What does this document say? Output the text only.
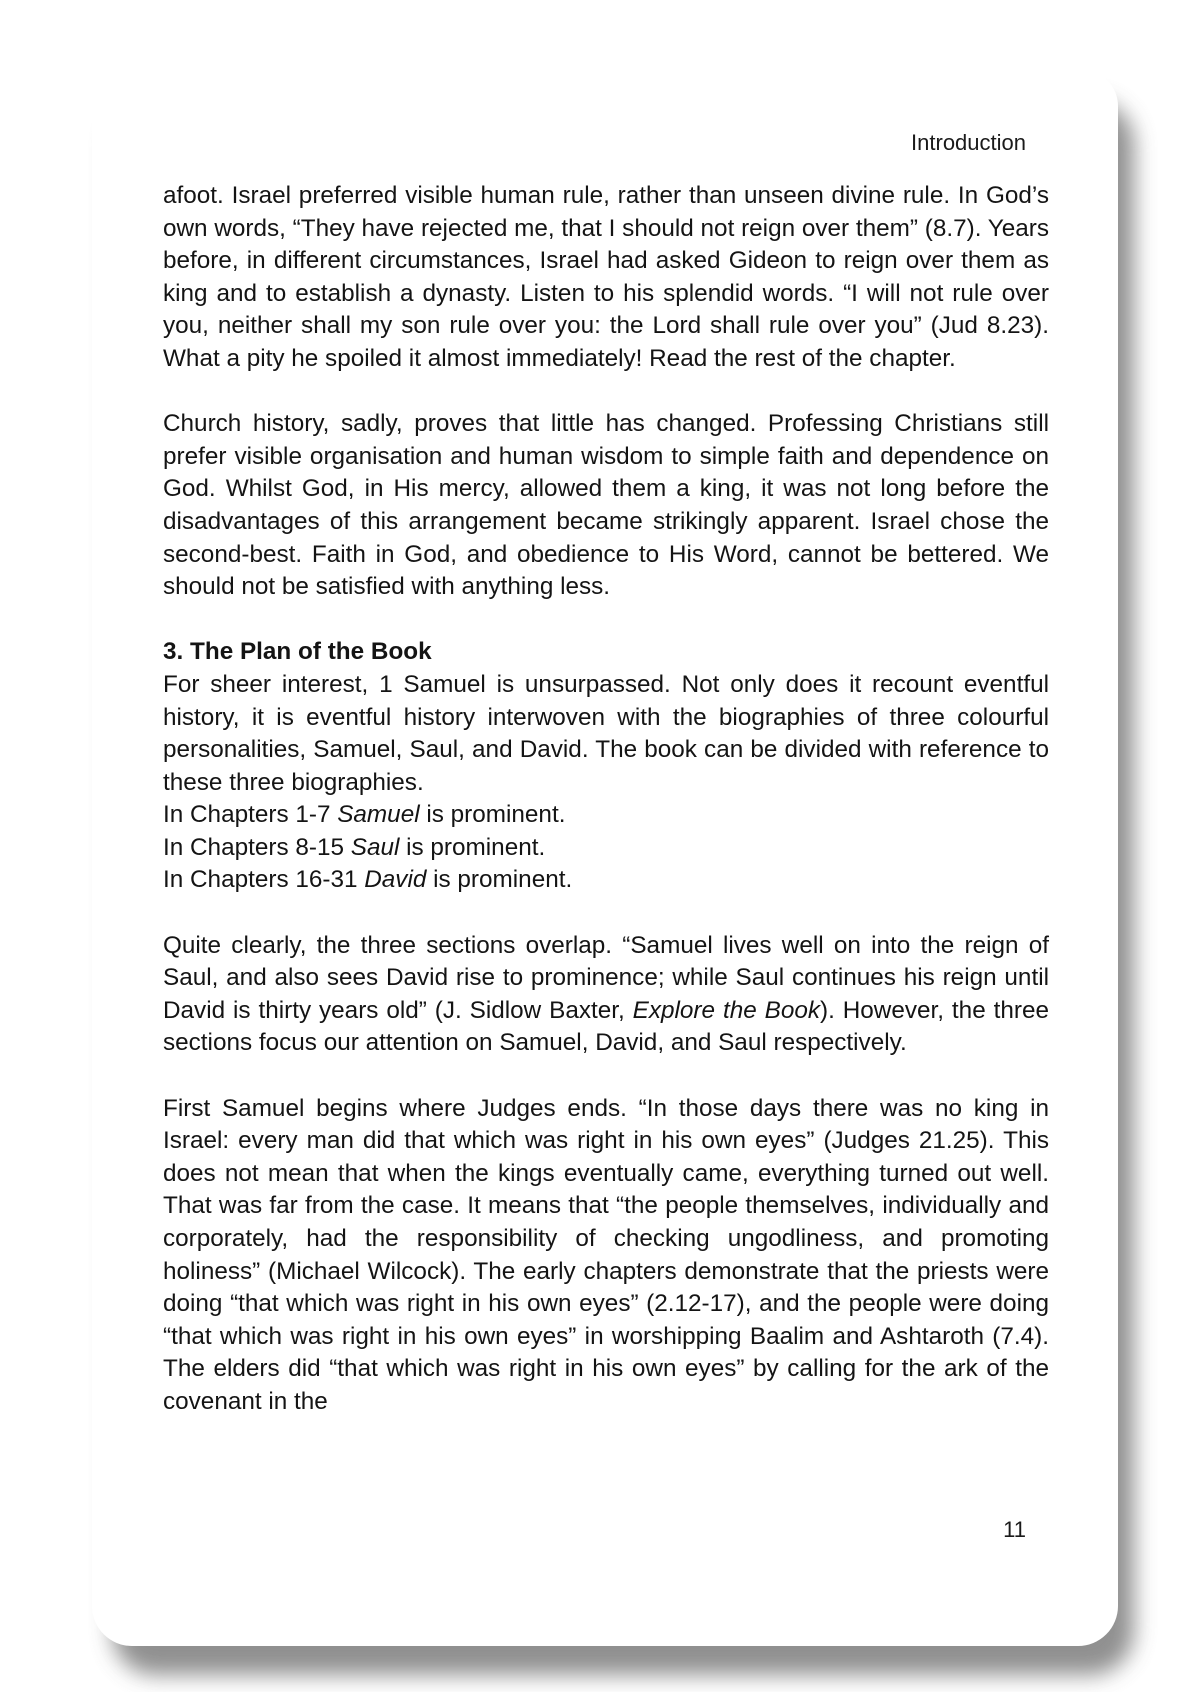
Introduction

afoot. Israel preferred visible human rule, rather than unseen divine rule. In God’s own words, “They have rejected me, that I should not reign over them” (8.7). Years before, in different circumstances, Israel had asked Gideon to reign over them as king and to establish a dynasty. Listen to his splendid words. “I will not rule over you, neither shall my son rule over you: the Lord shall rule over you” (Jud 8.23). What a pity he spoiled it almost immediately! Read the rest of the chapter.

Church history, sadly, proves that little has changed. Professing Christians still prefer visible organisation and human wisdom to simple faith and dependence on God. Whilst God, in His mercy, allowed them a king, it was not long before the disadvantages of this arrangement became strikingly apparent. Israel chose the second-best. Faith in God, and obedience to His Word, cannot be bettered. We should not be satisfied with anything less.

3. The Plan of the Book

For sheer interest, 1 Samuel is unsurpassed. Not only does it recount eventful history, it is eventful history interwoven with the biographies of three colourful personalities, Samuel, Saul, and David. The book can be divided with reference to these three biographies.

In Chapters 1-7 Samuel is prominent.
In Chapters 8-15 Saul is prominent.
In Chapters 16-31 David is prominent.

Quite clearly, the three sections overlap. “Samuel lives well on into the reign of Saul, and also sees David rise to prominence; while Saul continues his reign until David is thirty years old” (J. Sidlow Baxter, Explore the Book). However, the three sections focus our attention on Samuel, David, and Saul respectively.

First Samuel begins where Judges ends. “In those days there was no king in Israel: every man did that which was right in his own eyes” (Judges 21.25). This does not mean that when the kings eventually came, everything turned out well. That was far from the case. It means that “the people themselves, individually and corporately, had the responsibility of checking ungodliness, and promoting holiness” (Michael Wilcock). The early chapters demonstrate that the priests were doing “that which was right in his own eyes” (2.12-17), and the people were doing “that which was right in his own eyes” in worshipping Baalim and Ashtaroth (7.4). The elders did “that which was right in his own eyes” by calling for the ark of the covenant in the

11
